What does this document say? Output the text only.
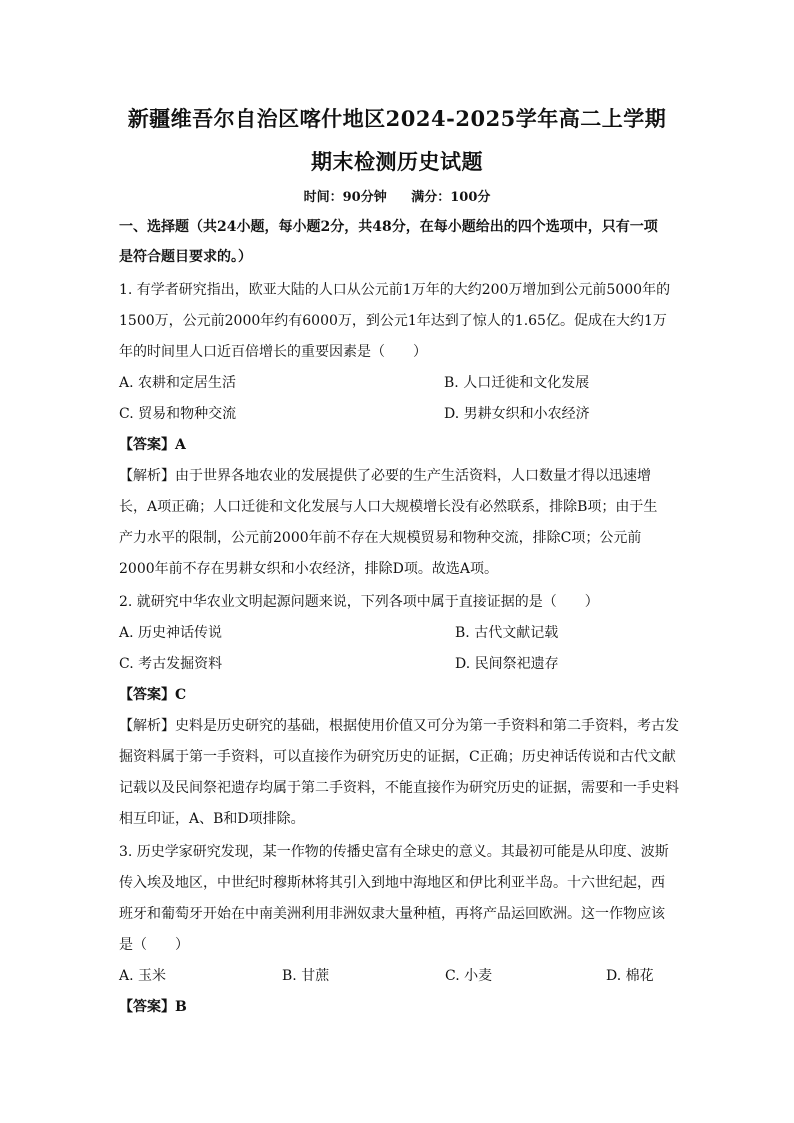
新疆维吾尔自治区喀什地区2024-2025学年高二上学期
期末检测历史试题
时间：90分钟 满分：100分
一、选择题（共24小题，每小题2分，共48分，在每小题给出的四个选项中，只有一项
是符合题目要求的。）
1. 有学者研究指出，欧亚大陆的人口从公元前1万年的大约200万增加到公元前5000年的
1500万，公元前2000年约有6000万，到公元1年达到了惊人的1.65亿。促成在大约1万
年的时间里人口近百倍增长的重要因素是（　　）
A. 农耕和定居生活	B. 人口迁徙和文化发展
C. 贸易和物种交流	D. 男耕女织和小农经济
【答案】A
【解析】由于世界各地农业的发展提供了必要的生产生活资料，人口数量才得以迅速增
长，A项正确；人口迁徙和文化发展与人口大规模增长没有必然联系，排除B项；由于生
产力水平的限制，公元前2000年前不存在大规模贸易和物种交流，排除C项；公元前
2000年前不存在男耕女织和小农经济，排除D项。故选A项。
2. 就研究中华农业文明起源问题来说，下列各项中属于直接证据的是（　　）
A. 历史神话传说	B. 古代文献记载
C. 考古发掘资料	D. 民间祭祀遗存
【答案】C
【解析】史料是历史研究的基础，根据使用价值又可分为第一手资料和第二手资料，考古发
掘资料属于第一手资料，可以直接作为研究历史的证据，C正确；历史神话传说和古代文献
记载以及民间祭祀遗存均属于第二手资料，不能直接作为研究历史的证据，需要和一手史料
相互印证，A、B和D项排除。
3. 历史学家研究发现，某一作物的传播史富有全球史的意义。其最初可能是从印度、波斯
传入埃及地区，中世纪时穆斯林将其引入到地中海地区和伊比利亚半岛。十六世纪起，西
班牙和葡萄牙开始在中南美洲利用非洲奴隶大量种植，再将产品运回欧洲。这一作物应该
是（　　）
A. 玉米	B. 甘蔗	C. 小麦	D. 棉花
【答案】B
